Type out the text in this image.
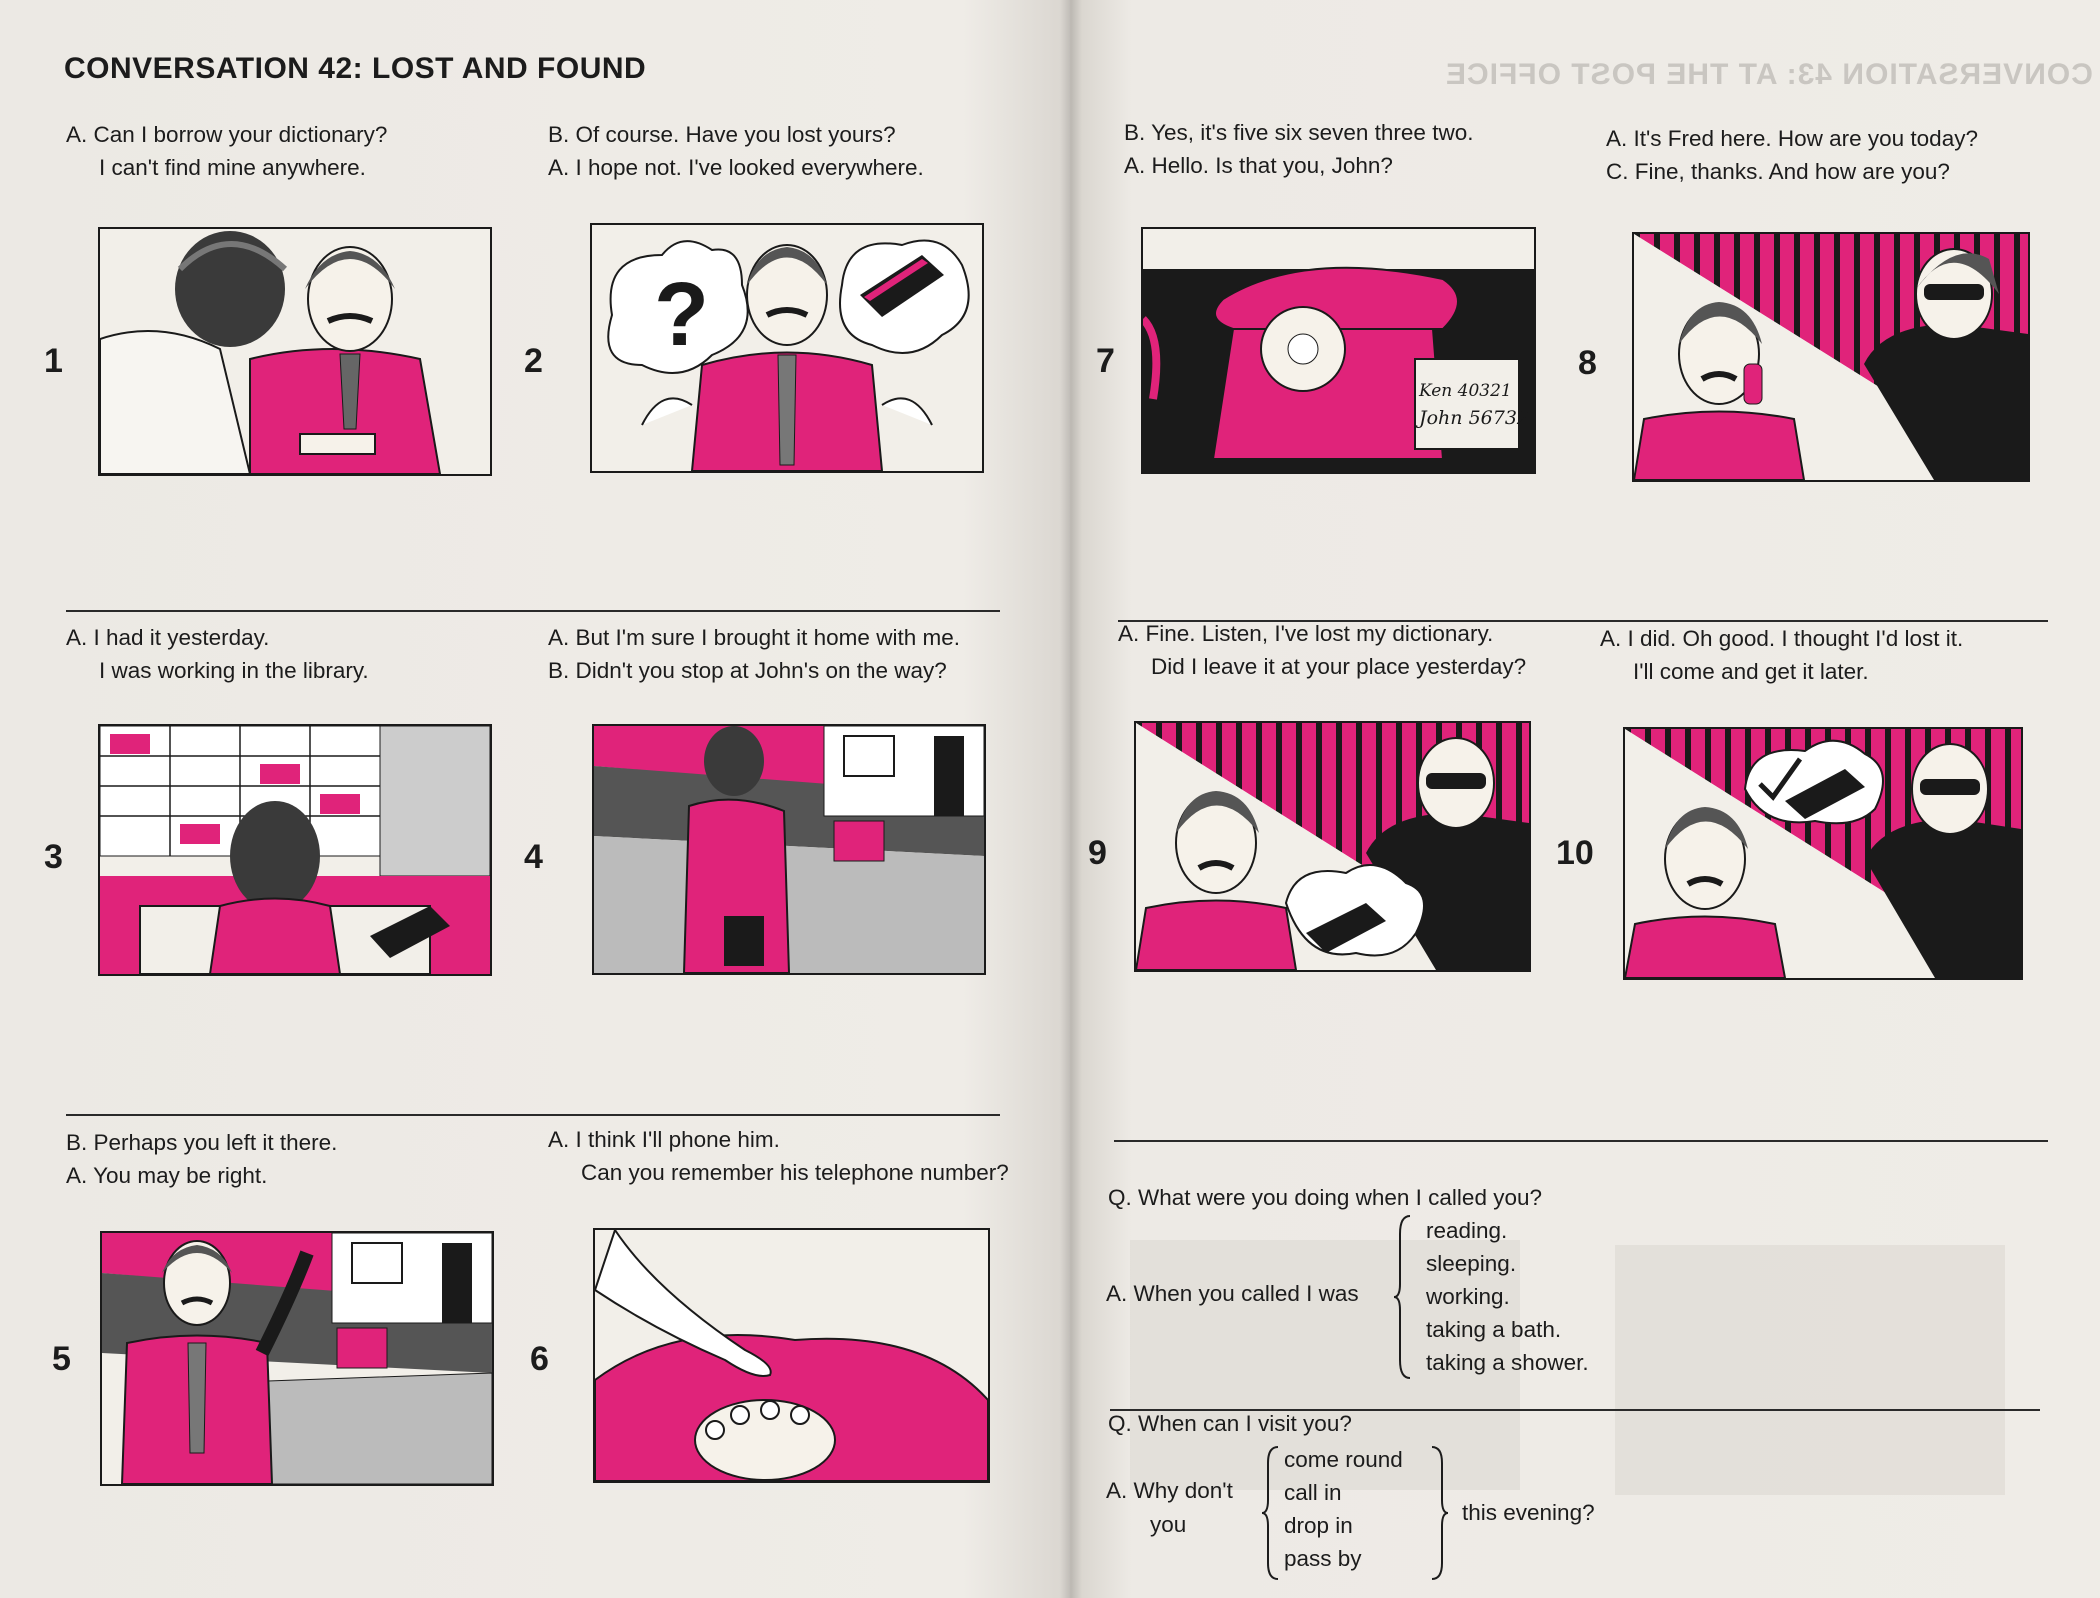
CONVERSATION 43: AT THE POST OFFICE
CONVERSATION 42: LOST AND FOUND
A. Can I borrow your dictionary?
I can't find mine anywhere.
1
B. Of course. Have you lost yours?
A. I hope not. I've looked everywhere.
2 ?
A. I had it yesterday.
I was working in the library.
3
A. But I'm sure I brought it home with me.
B. Didn't you stop at John's on the way?
4
B. Perhaps you left it there.
A. You may be right.
5
A. I think I'll phone him.
Can you remember his telephone number?
6
B. Yes, it's five six seven three two.
A. Hello. Is that you, John?
7
Ken 40321
John 56732
A. It's Fred here. How are you today?
C. Fine, thanks. And how are you?
8
A. Fine. Listen, I've lost my dictionary.
Did I leave it at your place yesterday?
9
A. I did. Oh good. I thought I'd lost it.
I'll come and get it later.
10
Q. What were you doing when I called you?
A. When you called I was
reading.
sleeping.
working.
taking a bath.
taking a shower.
Q. When can I visit you?
A. Why don't
you
come round
call in
drop in
pass by
this evening?
